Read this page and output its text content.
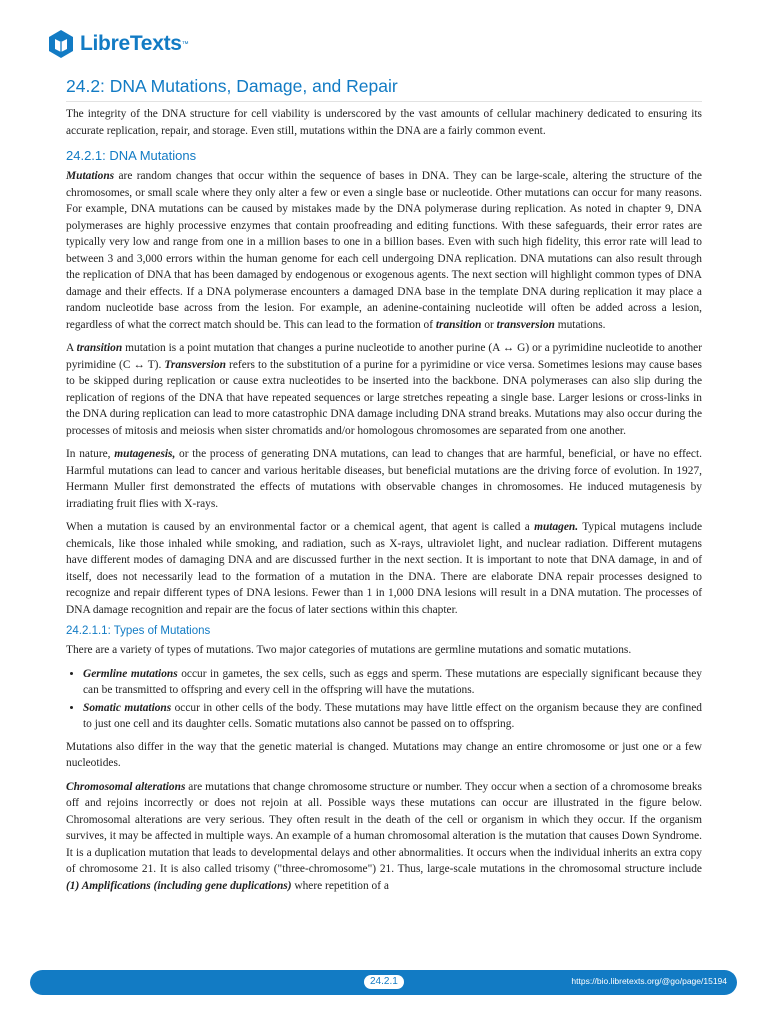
LibreTexts ™
24.2: DNA Mutations, Damage, and Repair

The integrity of the DNA structure for cell viability is underscored by the vast amounts of cellular machinery dedicated to ensuring its accurate replication, repair, and storage. Even still, mutations within the DNA are a fairly common event.

24.2.1: DNA Mutations

Mutations are random changes that occur within the sequence of bases in DNA. They can be large-scale, altering the structure of the chromosomes, or small scale where they only alter a few or even a single base or nucleotide. Other mutations can occur for many reasons. For example, DNA mutations can be caused by mistakes made by the DNA polymerase during replication. As noted in chapter 9, DNA polymerases are highly processive enzymes that contain proofreading and editing functions. With these safeguards, their error rates are typically very low and range from one in a million bases to one in a billion bases. Even with such high fidelity, this error rate will lead to between 3 and 3,000 errors within the human genome for each cell undergoing DNA replication. DNA mutations can also result through the replication of DNA that has been damaged by endogenous or exogenous agents. The next section will highlight common types of DNA damage and their effects. If a DNA polymerase encounters a damaged DNA base in the template DNA during replication it may place a random nucleotide base across from the lesion. For example, an adenine-containing nucleotide will often be added across a lesion, regardless of what the correct match should be. This can lead to the formation of transition or transversion mutations.

A transition mutation is a point mutation that changes a purine nucleotide to another purine (A ↔ G) or a pyrimidine nucleotide to another pyrimidine (C ↔ T). Transversion refers to the substitution of a purine for a pyrimidine or vice versa. Sometimes lesions may cause bases to be skipped during replication or cause extra nucleotides to be inserted into the backbone. DNA polymerases can also slip during the replication of regions of the DNA that have repeated sequences or large stretches repeating a single base. Larger lesions or cross-links in the DNA during replication can lead to more catastrophic DNA damage including DNA strand breaks. Mutations may also occur during the processes of mitosis and meiosis when sister chromatids and/or homologous chromosomes are separated from one another.

In nature, mutagenesis, or the process of generating DNA mutations, can lead to changes that are harmful, beneficial, or have no effect. Harmful mutations can lead to cancer and various heritable diseases, but beneficial mutations are the driving force of evolution. In 1927, Hermann Muller first demonstrated the effects of mutations with observable changes in chromosomes. He induced mutagenesis by irradiating fruit flies with X-rays.

When a mutation is caused by an environmental factor or a chemical agent, that agent is called a mutagen. Typical mutagens include chemicals, like those inhaled while smoking, and radiation, such as X-rays, ultraviolet light, and nuclear radiation. Different mutagens have different modes of damaging DNA and are discussed further in the next section. It is important to note that DNA damage, in and of itself, does not necessarily lead to the formation of a mutation in the DNA. There are elaborate DNA repair processes designed to recognize and repair different types of DNA lesions. Fewer than 1 in 1,000 DNA lesions will result in a DNA mutation. The processes of DNA damage recognition and repair are the focus of later sections within this chapter.

24.2.1.1: Types of Mutations

There are a variety of types of mutations. Two major categories of mutations are germline mutations and somatic mutations.

• Germline mutations occur in gametes, the sex cells, such as eggs and sperm. These mutations are especially significant because they can be transmitted to offspring and every cell in the offspring will have the mutations.
• Somatic mutations occur in other cells of the body. These mutations may have little effect on the organism because they are confined to just one cell and its daughter cells. Somatic mutations also cannot be passed on to offspring.

Mutations also differ in the way that the genetic material is changed. Mutations may change an entire chromosome or just one or a few nucleotides.

Chromosomal alterations are mutations that change chromosome structure or number. They occur when a section of a chromosome breaks off and rejoins incorrectly or does not rejoin at all. Possible ways these mutations can occur are illustrated in the figure below. Chromosomal alterations are very serious. They often result in the death of the cell or organism in which they occur. If the organism survives, it may be affected in multiple ways. An example of a human chromosomal alteration is the mutation that causes Down Syndrome. It is a duplication mutation that leads to developmental delays and other abnormalities. It occurs when the individual inherits an extra copy of chromosome 21. It is also called trisomy ("three-chromosome") 21. Thus, large-scale mutations in the chromosomal structure include (1) Amplifications (including gene duplications) where repetition of a

24.2.1	https://bio.libretexts.org/@go/page/15194
